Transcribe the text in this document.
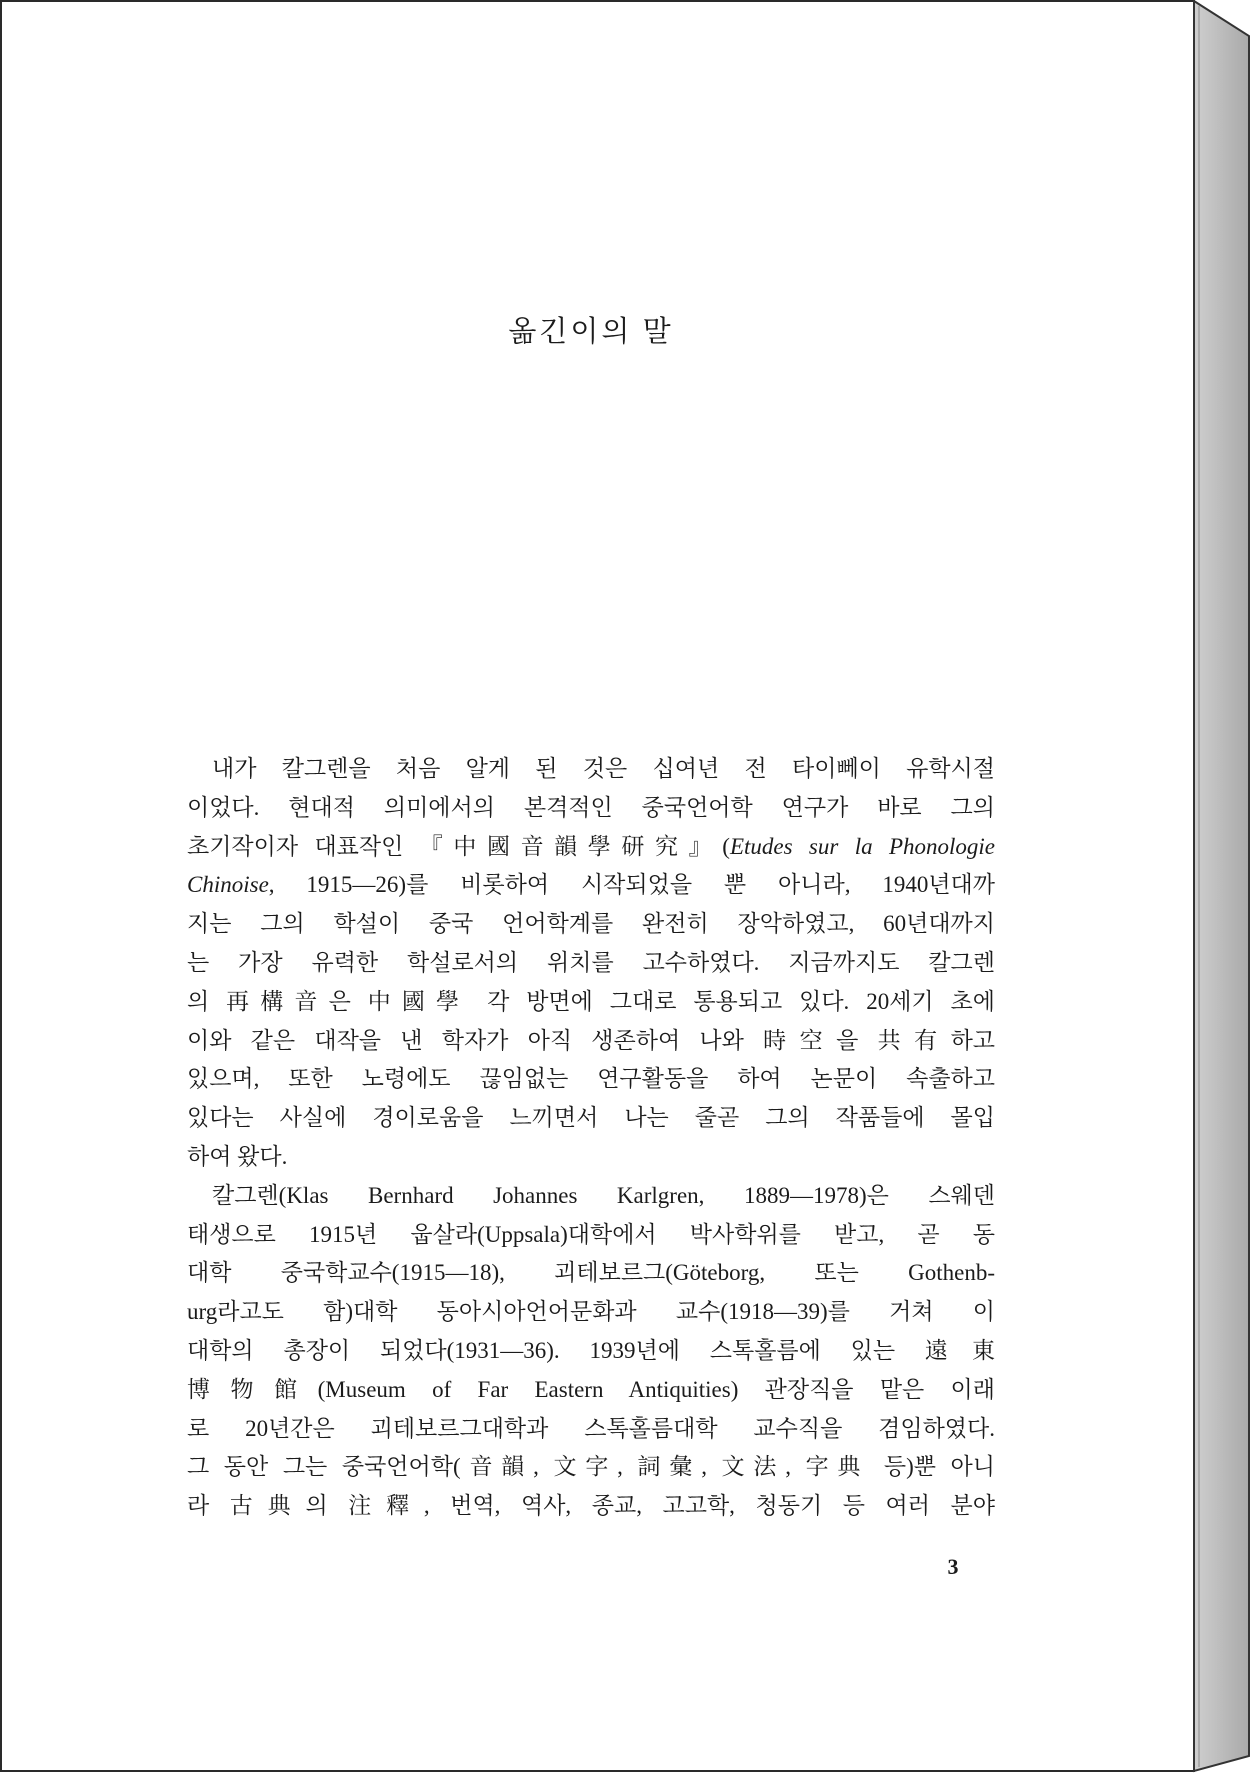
옮긴이의 말
내가 칼그렌을 처음 알게 된 것은 십여년 전 타이뻬이 유학시절
이었다. 현대적 의미에서의 본격적인 중국언어학 연구가 바로 그의
초기작이자 대표작인 『中國音韻學研究』(Etudes sur la Phonologie
Chinoise, 1915—26)를 비롯하여 시작되었을 뿐 아니라, 1940년대까
지는 그의 학설이 중국 언어학계를 완전히 장악하였고, 60년대까지
는 가장 유력한 학설로서의 위치를 고수하였다. 지금까지도 칼그렌
의 再構音은 中國學 각 방면에 그대로 통용되고 있다. 20세기 초에
이와 같은 대작을 낸 학자가 아직 생존하여 나와 時空을 共有하고
있으며, 또한 노령에도 끊임없는 연구활동을 하여 논문이 속출하고
있다는 사실에 경이로움을 느끼면서 나는 줄곧 그의 작품들에 몰입
하여 왔다.
칼그렌(Klas Bernhard Johannes Karlgren, 1889—1978)은 스웨덴
태생으로 1915년 웁살라(Uppsala)대학에서 박사학위를 받고, 곧 동
대학 중국학교수(1915—18), 괴테보르그(Göteborg, 또는 Gothenb-
urg라고도 함)대학 동아시아언어문화과 교수(1918—39)를 거쳐 이
대학의 총장이 되었다(1931—36). 1939년에 스톡홀름에 있는 遠東
博物館(Museum of Far Eastern Antiquities) 관장직을 맡은 이래
로 20년간은 괴테보르그대학과 스톡홀름대학 교수직을 겸임하였다.
그 동안 그는 중국언어학(音韻, 文字, 詞彙, 文法, 字典 등)뿐 아니
라 古典의 注釋, 번역, 역사, 종교, 고고학, 청동기 등 여러 분야
3
